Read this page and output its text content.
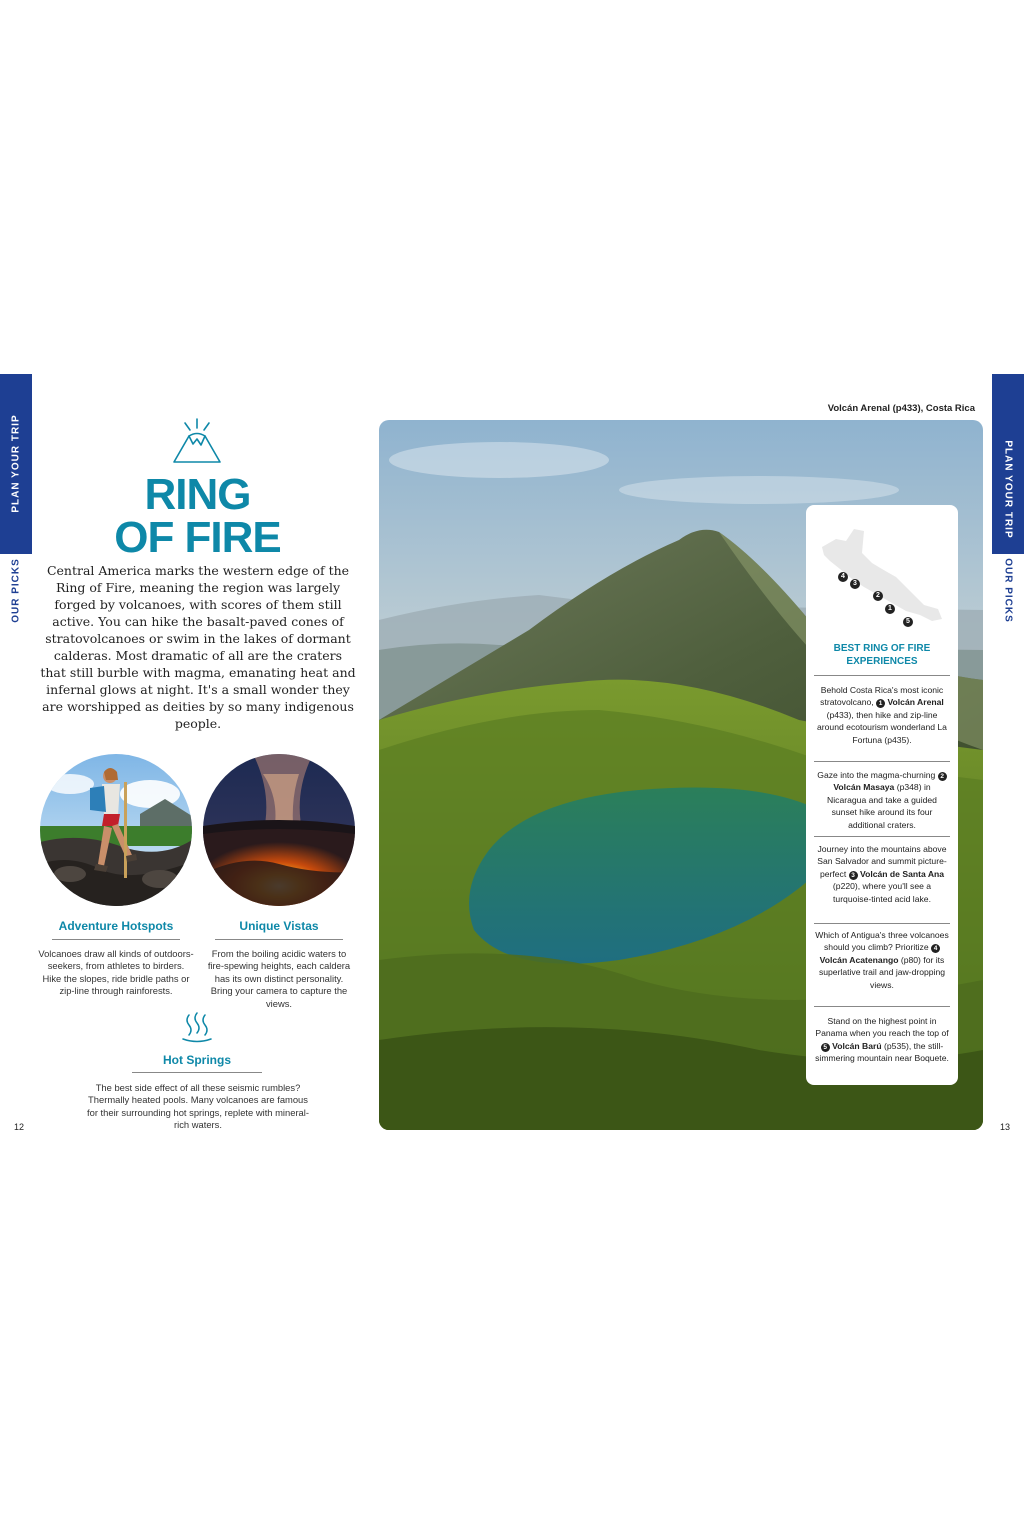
PLAN YOUR TRIP
OUR PICKS
PLAN YOUR TRIP
OUR PICKS
RING
OF FIRE
Central America marks the western edge of the Ring of Fire, meaning the region was largely forged by volcanoes, with scores of them still active. You can hike the basalt-paved cones of stratovolcanoes or swim in the lakes of dormant calderas. Most dramatic of all are the craters that still burble with magma, emanating heat and infernal glows at night. It's a small wonder they are worshipped as deities by so many indigenous people.
Adventure Hotspots
Volcanoes draw all kinds of outdoors-seekers, from athletes to birders. Hike the slopes, ride bridle paths or zip-line through rainforests.
Unique Vistas
From the boiling acidic waters to fire-spewing heights, each caldera has its own distinct personality. Bring your camera to capture the views.
Hot Springs
The best side effect of all these seismic rumbles? Thermally heated pools. Many volcanoes are famous for their surrounding hot springs, replete with mineral-rich waters.
12
Volcán Arenal (p433), Costa Rica
4
3
2
1
5
BEST RING OF FIRE
EXPERIENCES
Behold Costa Rica's most iconic stratovolcano, 1 Volcán Arenal (p433), then hike and zip-line around ecotourism wonderland La Fortuna (p435).
Gaze into the magma-churning 2 Volcán Masaya (p348) in Nicaragua and take a guided sunset hike around its four additional craters.
Journey into the mountains above San Salvador and summit picture-perfect 3 Volcán de Santa Ana (p220), where you'll see a turquoise-tinted acid lake.
Which of Antigua's three volcanoes should you climb? Prioritize 4 Volcán Acatenango (p80) for its superlative trail and jaw-dropping views.
Stand on the highest point in Panama when you reach the top of 5 Volcán Barú (p535), the still-simmering mountain near Boquete.
13
